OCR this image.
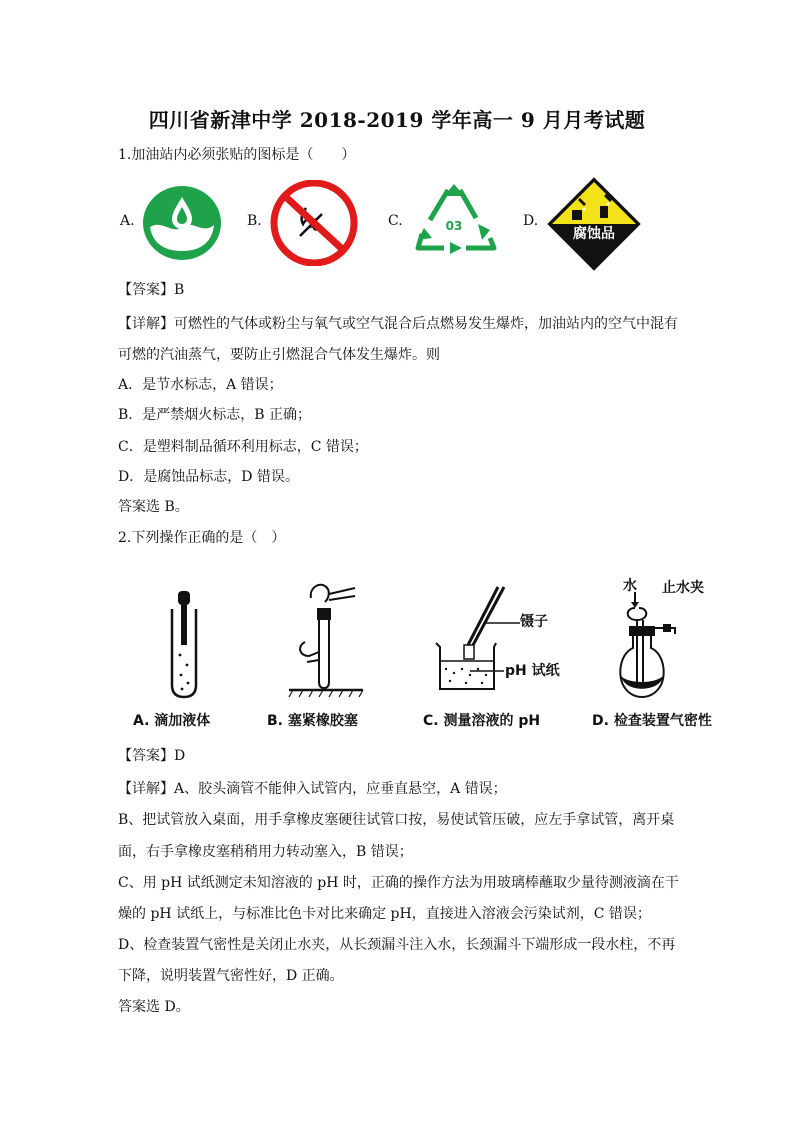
四川省新津中学 2018-2019 学年高一 9 月月考试题
1.加油站内必须张贴的图标是（　　）
A.	B.	C.	03	D.
腐蚀品
【答案】B
【详解】可燃性的气体或粉尘与氧气或空气混合后点燃易发生爆炸，加油站内的空气中混有
可燃的汽油蒸气，要防止引燃混合气体发生爆炸。则
A．是节水标志，A 错误；
B．是严禁烟火标志，B 正确；
C．是塑料制品循环利用标志，C 错误；
D．是腐蚀品标志，D 错误。
答案选 B。
2.下列操作正确的是（　）
镊子
pH 试纸
水 止水夹
A. 滴加液体	B. 塞紧橡胶塞	C. 测量溶液的 pH	D. 检查装置气密性
【答案】D
【详解】A、胶头滴管不能伸入试管内，应垂直悬空，A 错误；
B、把试管放入桌面，用手拿橡皮塞硬往试管口按，易使试管压破，应左手拿试管，离开桌
面，右手拿橡皮塞稍稍用力转动塞入，B 错误；
C、用 pH 试纸测定未知溶液的 pH 时，正确的操作方法为用玻璃棒蘸取少量待测液滴在干
燥的 pH 试纸上，与标准比色卡对比来确定 pH，直接进入溶液会污染试剂，C 错误；
D、检查装置气密性是关闭止水夹，从长颈漏斗注入水，长颈漏斗下端形成一段水柱，不再
下降，说明装置气密性好，D 正确。
答案选 D。
